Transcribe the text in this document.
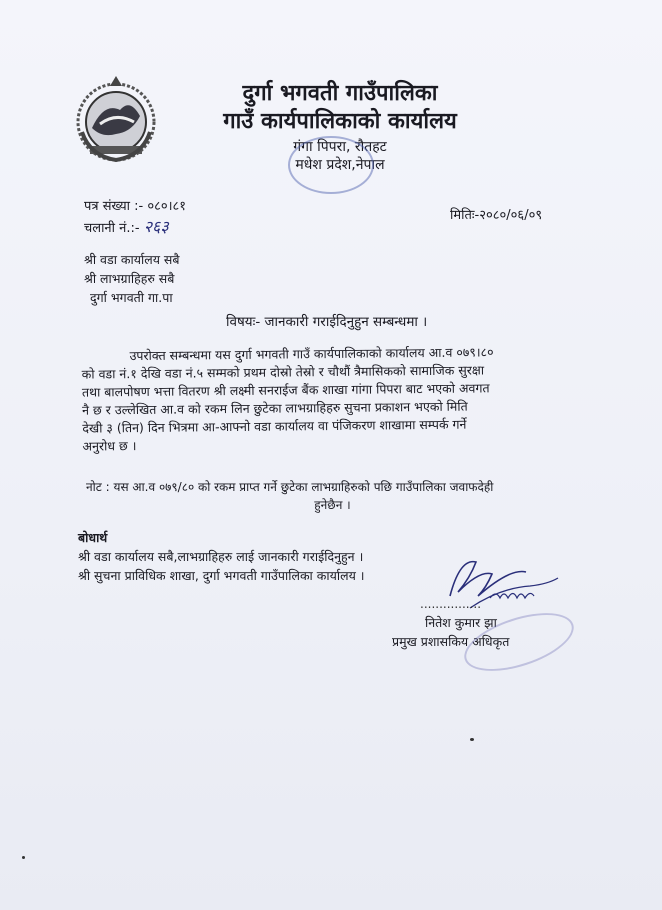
दुर्गा भगवती गाउँपालिका
गाउँ कार्यपालिकाको कार्यालय
गंगा पिपरा, रौतहट
मधेश प्रदेश,नेपाल
पत्र संख्या :- ०८०।८१
चलानी नं.:- २६३
मितिः-२०८०/०६/०९
श्री वडा कार्यालय सबै
श्री लाभग्राहिहरु सबै
दुर्गा भगवती गा.पा
विषयः- जानकारी गराईदिनुहुन सम्बन्धमा ।
उपरोक्त सम्बन्धमा यस दुर्गा भगवती गाउँ कार्यपालिकाको कार्यालय आ.व ०७९।८०
को वडा नं.१ देखि वडा नं.५ सम्मको प्रथम दोस्रो तेस्रो र चौथौं त्रैमासिकको सामाजिक सुरक्षा
तथा बालपोषण भत्ता वितरण श्री लक्ष्मी सनराईज बैंक शाखा गांगा पिपरा बाट भएको अवगत
नै छ र उल्लेखित आ.व को रकम लिन छुटेका लाभग्राहिहरु सुचना प्रकाशन भएको मिति
देखी ३ (तिन) दिन भित्रमा आ-आफ्नो वडा कार्यालय वा पंजिकरण शाखामा सम्पर्क गर्ने
अनुरोध छ ।
नोट : यस आ.व ०७९/८० को रकम प्राप्त गर्ने छुटेका लाभग्राहिरुको पछि गाउँपालिका जवाफदेही
हुनेछैन ।
बोधार्थ
श्री वडा कार्यालय सबै,लाभग्राहिहरु लाई जानकारी गराईदिनुहुन ।
श्री सुचना प्राविधिक शाखा, दुर्गा भगवती गाउँपालिका कार्यालय ।
................
नितेश कुमार झा
प्रमुख प्रशासकिय अधिकृत
